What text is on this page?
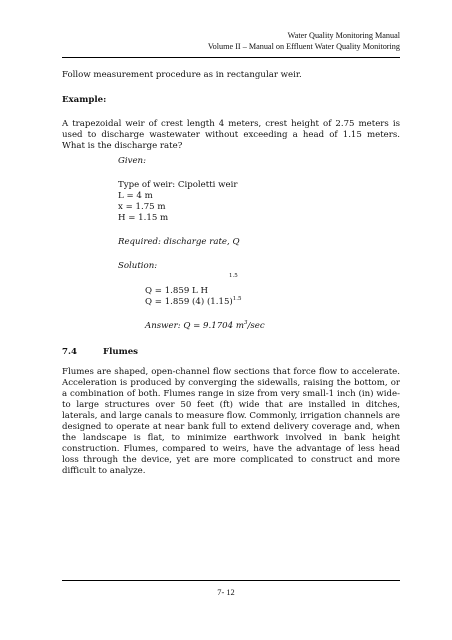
Water Quality Monitoring Manual
Volume II – Manual on Effluent Water Quality Monitoring
Follow measurement procedure as in rectangular weir.
Example:
A trapezoidal weir of crest length 4 meters, crest height of 2.75 meters is used to discharge wastewater without exceeding a head of 1.15 meters. What is the discharge rate?
Given:
Type of weir: Cipoletti weir
L = 4 m
x = 1.75 m
H = 1.15 m
Required: discharge rate, Q
Solution:
Q = 1.859 L H
1.5
Q = 1.859 (4) $(1.15)^{1.5}$
Answer: Q = 9.1704 $m^3/\sec$
7.4	Flumes
Flumes are shaped, open-channel flow sections that force flow to accelerate. Acceleration is produced by converging the sidewalls, raising the bottom, or a combination of both. Flumes range in size from very small-1 inch (in) wide-to large structures over 50 feet (ft) wide that are installed in ditches, laterals, and large canals to measure flow. Commonly, irrigation channels are designed to operate at near bank full to extend delivery coverage and, when the landscape is flat, to minimize earthwork involved in bank height construction. Flumes, compared to weirs, have the advantage of less head loss through the device, yet are more complicated to construct and more difficult to analyze.
7- 12
